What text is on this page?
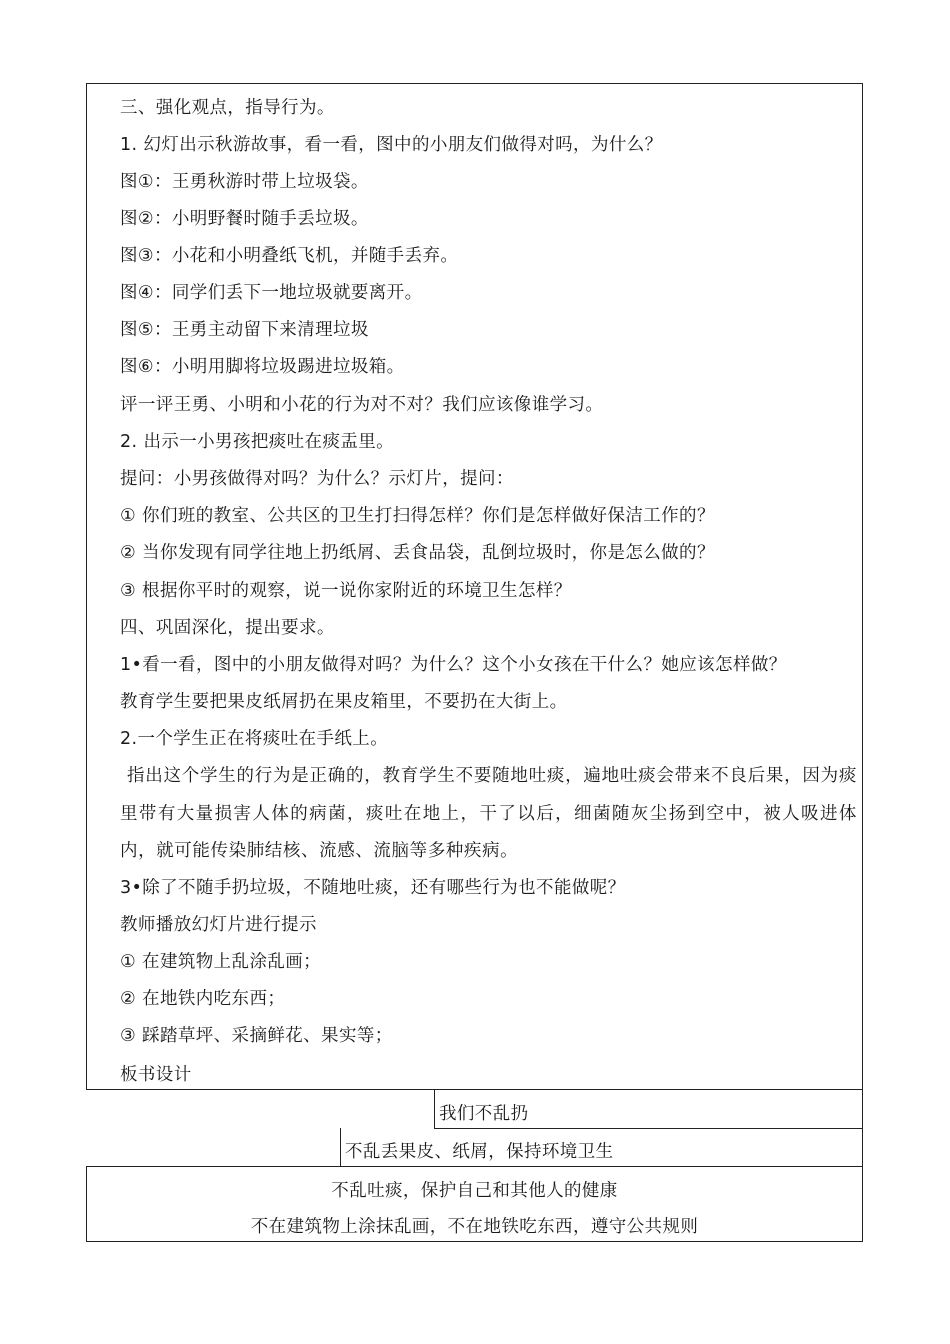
三、强化观点，指导行为。
1. 幻灯出示秋游故事，看一看，图中的小朋友们做得对吗，为什么？
图①：王勇秋游时带上垃圾袋。
图②：小明野餐时随手丢垃圾。
图③：小花和小明叠纸飞机，并随手丢弃。
图④：同学们丢下一地垃圾就要离开。
图⑤：王勇主动留下来清理垃圾
图⑥：小明用脚将垃圾踢进垃圾箱。
评一评王勇、小明和小花的行为对不对？我们应该像谁学习。
2. 出示一小男孩把痰吐在痰盂里。
提问：小男孩做得对吗？为什么？示灯片，提问：
① 你们班的教室、公共区的卫生打扫得怎样？你们是怎样做好保洁工作的？
② 当你发现有同学往地上扔纸屑、丢食品袋，乱倒垃圾时，你是怎么做的？
③ 根据你平时的观察，说一说你家附近的环境卫生怎样？
四、巩固深化，提出要求。
1•看一看，图中的小朋友做得对吗？为什么？这个小女孩在干什么？她应该怎样做？
教育学生要把果皮纸屑扔在果皮箱里，不要扔在大街上。
2.一个学生正在将痰吐在手纸上。
指出这个学生的行为是正确的，教育学生不要随地吐痰，遍地吐痰会带来不良后果，因为痰里带有大量损害人体的病菌，痰吐在地上，干了以后，细菌随灰尘扬到空中，被人吸进体内，就可能传染肺结核、流感、流脑等多种疾病。
3•除了不随手扔垃圾，不随地吐痰，还有哪些行为也不能做呢？
教师播放幻灯片进行提示
① 在建筑物上乱涂乱画；
② 在地铁内吃东西；
③ 踩踏草坪、采摘鲜花、果实等；
板书设计
我们不乱扔
不乱丢果皮、纸屑，保持环境卫生
不乱吐痰，保护自己和其他人的健康
不在建筑物上涂抹乱画，不在地铁吃东西，遵守公共规则
